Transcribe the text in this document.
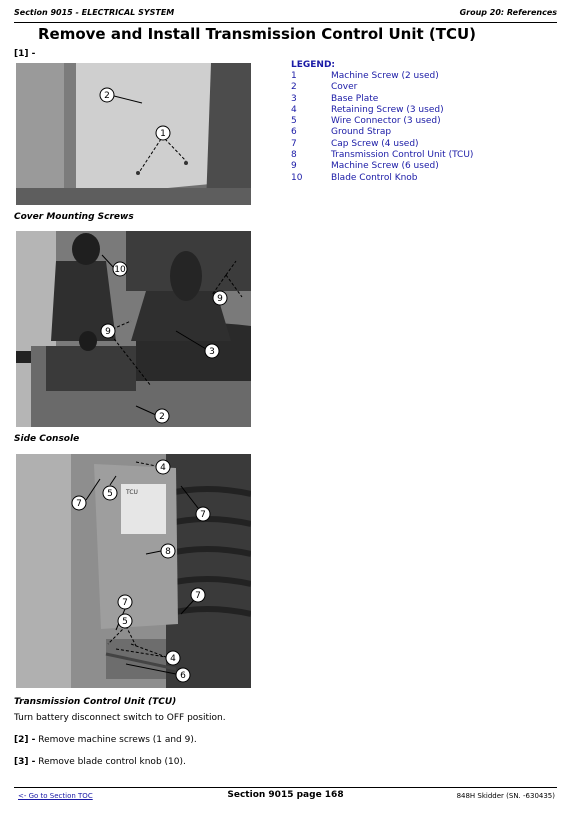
Section 9015 - ELECTRICAL SYSTEM	Group 20: References
Remove and Install Transmission Control Unit (TCU)
[1] -
2
1
Cover Mounting Screws
LEGEND:
1	Machine Screw (2 used)
2	Cover
3	Base Plate
4	Retaining Screw (3 used)
5	Wire Connector (3 used)
6	Ground Strap
7	Cap Screw (4 used)
8	Transmission Control Unit (TCU)
9	Machine Screw (6 used)
10	Blade Control Knob
10
9
9
3
2
Side Console
TCU
4
5
7
7
8
7
7
5
4
6
Transmission Control Unit (TCU)
Turn battery disconnect switch to OFF position.
[2] - Remove machine screws (1 and 9).
[3] - Remove blade control knob (10).
<- Go to Section TOC	Section 9015 page 168	848H Skidder (SN. -630435)
